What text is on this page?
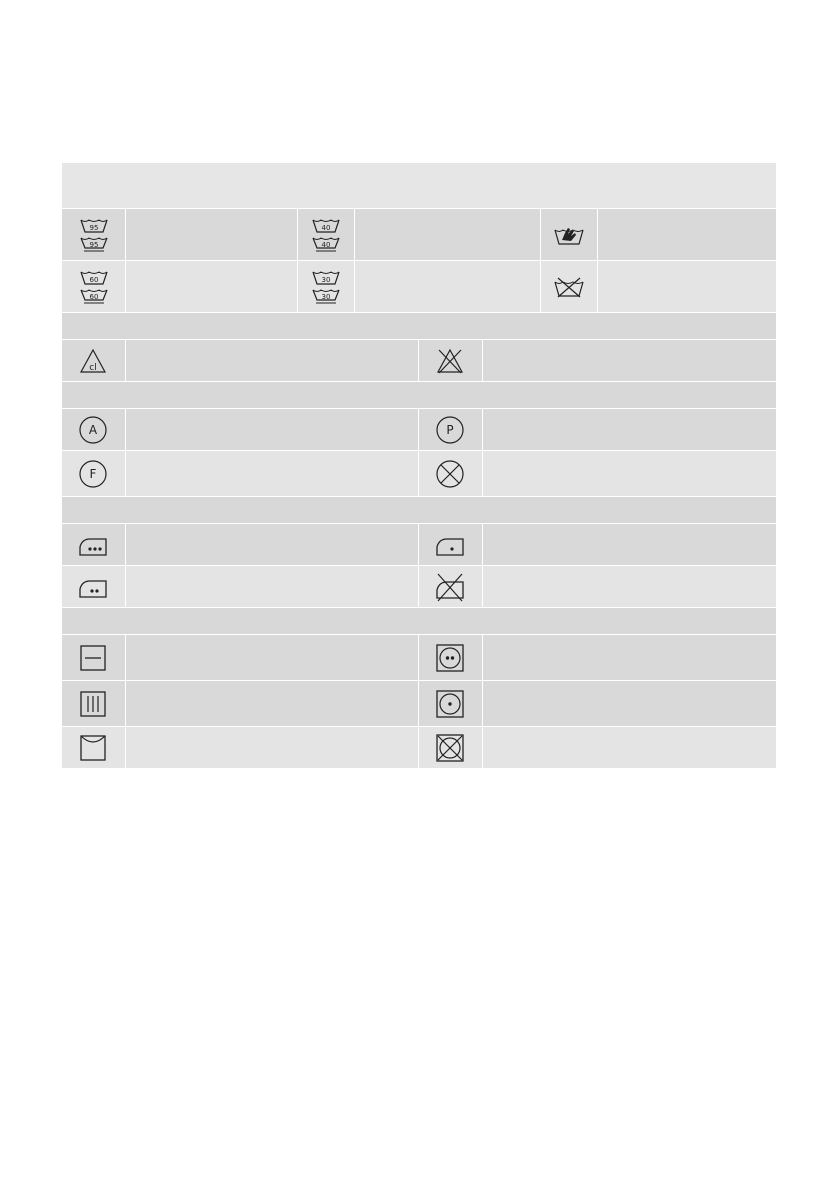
95
95
40
40
60
60
30
30
cl
A	P
F
